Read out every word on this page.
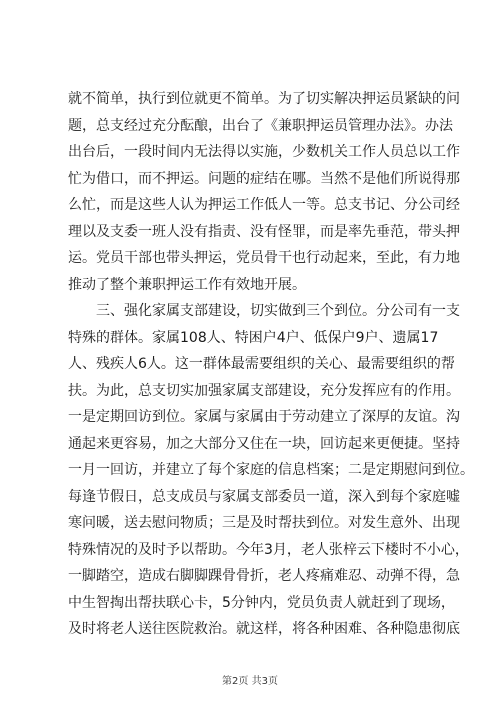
就不简单，执行到位就更不简单。为了切实解决押运员紧缺的问
题，总支经过充分酝酿，出台了《兼职押运员管理办法》。办法
出台后，一段时间内无法得以实施，少数机关工作人员总以工作
忙为借口，而不押运。问题的症结在哪。当然不是他们所说得那
么忙，而是这些人认为押运工作低人一等。总支书记、分公司经
理以及支委一班人没有指责、没有怪罪，而是率先垂范，带头押
运。党员干部也带头押运，党员骨干也行动起来，至此，有力地
推动了整个兼职押运工作有效地开展。
三、强化家属支部建设，切实做到三个到位。分公司有一支
特殊的群体。家属108人、特困户4户、低保户9户、遗属17
人、残疾人6人。这一群体最需要组织的关心、最需要组织的帮
扶。为此，总支切实加强家属支部建设，充分发挥应有的作用。
一是定期回访到位。家属与家属由于劳动建立了深厚的友谊。沟
通起来更容易，加之大部分又住在一块，回访起来更便捷。坚持
一月一回访，并建立了每个家庭的信息档案；二是定期慰问到位。
每逢节假日，总支成员与家属支部委员一道，深入到每个家庭嘘
寒问暖，送去慰问物质；三是及时帮扶到位。对发生意外、出现
特殊情况的及时予以帮助。今年3月，老人张梓云下楼时不小心，
一脚踏空，造成右脚脚踝骨骨折，老人疼痛难忍、动弹不得，急
中生智掏出帮扶联心卡，5分钟内，党员负责人就赶到了现场，
及时将老人送往医院救治。就这样，将各种困难、各种隐患彻底
第2页 共3页
